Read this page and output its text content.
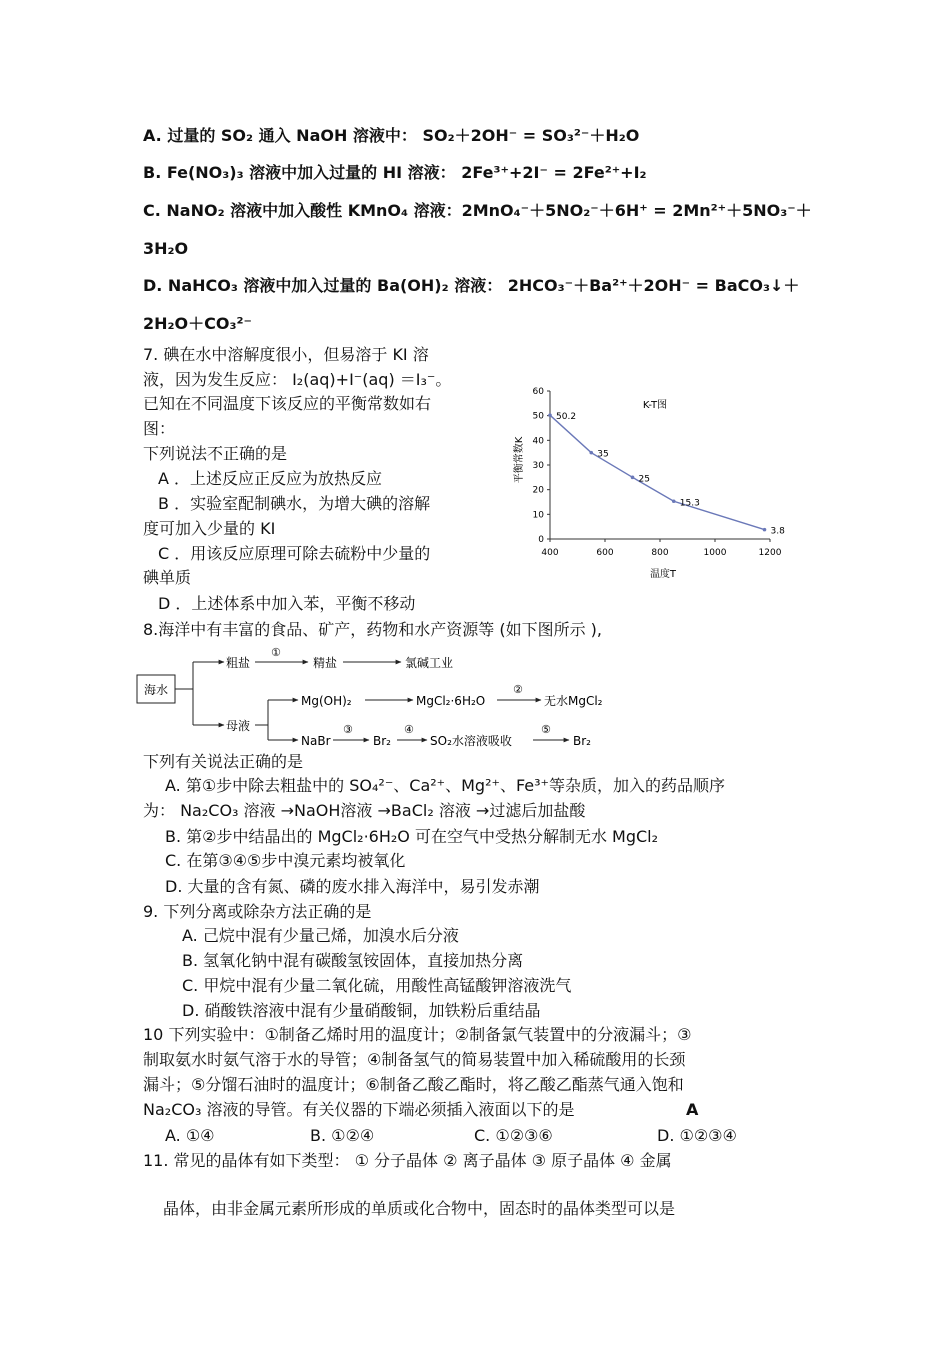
A. 过量的 SO₂ 通入 NaOH 溶液中： SO₂＋2OH⁻ = SO₃²⁻＋H₂O
B. Fe(NO₃)₃ 溶液中加入过量的 HI 溶液： 2Fe³⁺+2I⁻ = 2Fe²⁺+I₂
C. NaNO₂ 溶液中加入酸性 KMnO₄ 溶液：2MnO₄⁻＋5NO₂⁻＋6H⁺ = 2Mn²⁺＋5NO₃⁻＋
3H₂O
D. NaHCO₃ 溶液中加入过量的 Ba(OH)₂ 溶液： 2HCO₃⁻＋Ba²⁺＋2OH⁻ = BaCO₃↓＋
2H₂O＋CO₃²⁻
7. 碘在水中溶解度很小，但易溶于 KI 溶
液，因为发生反应： I₂(aq)+I⁻(aq) ＝I₃⁻。
已知在不同温度下该反应的平衡常数如右
图：
下列说法不正确的是
A ．上述反应正反应为放热反应
B ．实验室配制碘水，为增大碘的溶解
度可加入少量的 KI
C ．用该反应原理可除去硫粉中少量的
碘单质
D ．上述体系中加入苯，平衡不移动
0
10
20
30
40
50
60
400	600	800	1000	1200
50.2
35
25
15.3
3.8
K-T图
温度T
平衡常数K
8.海洋中有丰富的食品、矿产，药物和水产资源等 (如下图所示 ),
海水
粗盐
①
精盐	氯碱工业
母液
Mg(OH)₂	MgCl₂·6H₂O
②
无水MgCl₂
NaBr
③
Br₂
④
SO₂水溶液吸收
⑤
Br₂
下列有关说法正确的是
A. 第①步中除去粗盐中的 SO₄²⁻、Ca²⁺、Mg²⁺、Fe³⁺等杂质，加入的药品顺序
为： Na₂CO₃ 溶液 →NaOH溶液 →BaCl₂ 溶液 →过滤后加盐酸
B. 第②步中结晶出的 MgCl₂·6H₂O 可在空气中受热分解制无水 MgCl₂
C. 在第③④⑤步中溴元素均被氧化
D. 大量的含有氮、磷的废水排入海洋中，易引发赤潮
9. 下列分离或除杂方法正确的是
A. 己烷中混有少量己烯，加溴水后分液
B. 氢氧化钠中混有碳酸氢铵固体，直接加热分离
C. 甲烷中混有少量二氧化硫，用酸性高锰酸钾溶液洗气
D. 硝酸铁溶液中混有少量硝酸铜，加铁粉后重结晶
10 下列实验中：①制备乙烯时用的温度计；②制备氯气装置中的分液漏斗；③
制取氨水时氨气溶于水的导管；④制备氢气的简易装置中加入稀硫酸用的长颈
漏斗；⑤分馏石油时的温度计；⑥制备乙酸乙酯时，将乙酸乙酯蒸气通入饱和
Na₂CO₃ 溶液的导管。有关仪器的下端必须插入液面以下的是	A
A. ①④	B. ①②④	C. ①②③⑥	D. ①②③④
11. 常见的晶体有如下类型： ① 分子晶体 ② 离子晶体 ③ 原子晶体 ④ 金属
晶体，由非金属元素所形成的单质或化合物中，固态时的晶体类型可以是
